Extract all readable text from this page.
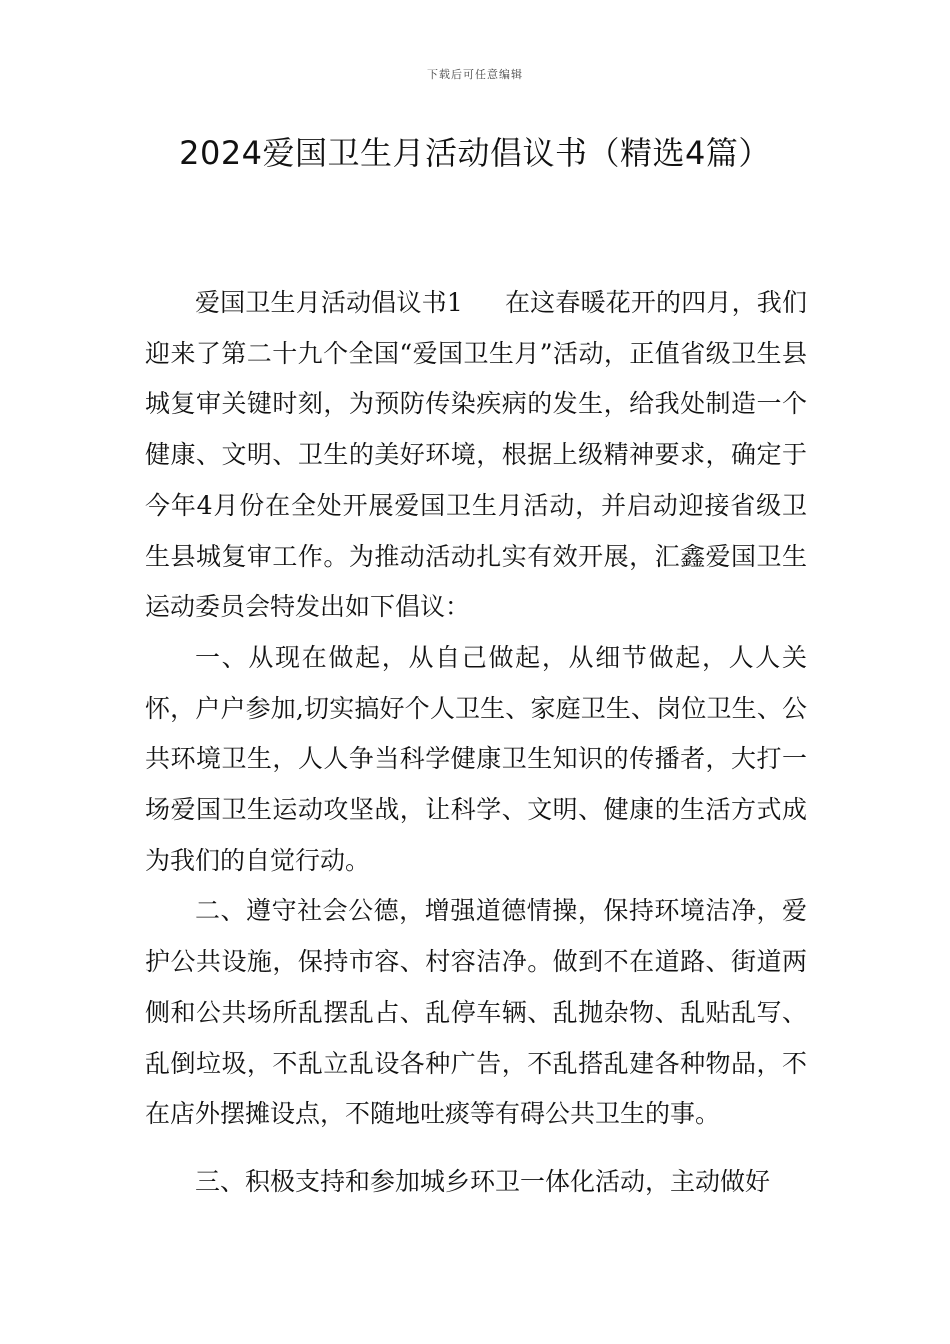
下载后可任意编辑
2024爱国卫生月活动倡议书（精选4篇）

爱国卫生月活动倡议书1 在这春暖花开的四月，我们迎来了第二十九个全国“爱国卫生月”活动，正值省级卫生县城复审关键时刻，为预防传染疾病的发生，给我处制造一个健康、文明、卫生的美好环境，根据上级精神要求，确定于今年4月份在全处开展爱国卫生月活动，并启动迎接省级卫生县城复审工作。为推动活动扎实有效开展，汇鑫爱国卫生运动委员会特发出如下倡议：

一、从现在做起，从自己做起，从细节做起，人人关怀，户户参加,切实搞好个人卫生、家庭卫生、岗位卫生、公共环境卫生，人人争当科学健康卫生知识的传播者，大打一场爱国卫生运动攻坚战，让科学、文明、健康的生活方式成为我们的自觉行动。

二、遵守社会公德，增强道德情操，保持环境洁净，爱护公共设施，保持市容、村容洁净。做到不在道路、街道两侧和公共场所乱摆乱占、乱停车辆、乱抛杂物、乱贴乱写、乱倒垃圾，不乱立乱设各种广告，不乱搭乱建各种物品，不在店外摆摊设点，不随地吐痰等有碍公共卫生的事。

三、积极支持和参加城乡环卫一体化活动，主动做好
